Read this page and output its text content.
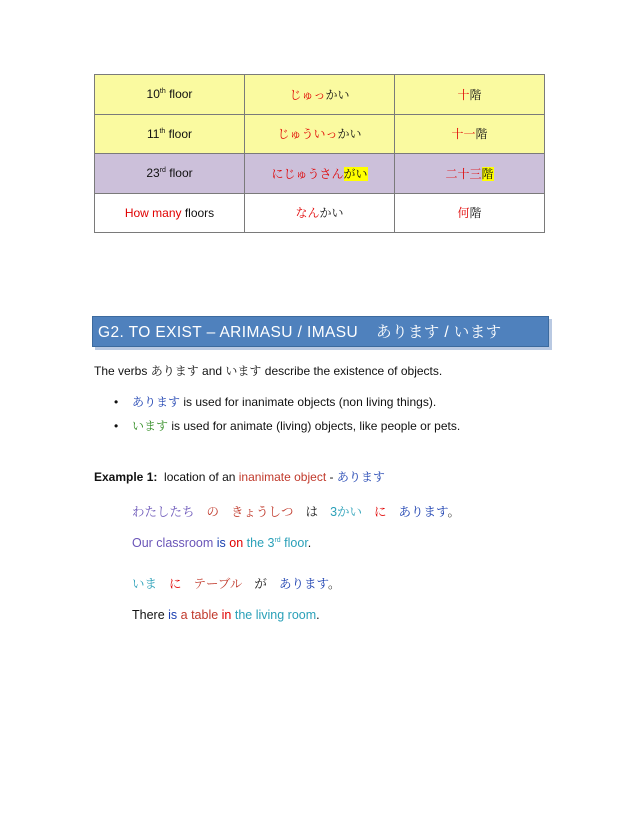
10th floor	じゅっかい	十階
11th floor	じゅういっかい	十一階
23rd floor	にじゅうさんがい	二十三階
How many floors	なんかい	何階
G2. TO EXIST – ARIMASU / IMASU あります / います
The verbs あります and います describe the existence of objects.
• あります is used for inanimate objects (non living things).
• います is used for animate (living) objects, like people or pets.
Example 1:  location of an inanimate object - あります
わたしたち の きょうしつ は 3かい に あります。
Our classroom is on the 3rd floor.
いま に テーブル が あります。
There is a table in the living room.
